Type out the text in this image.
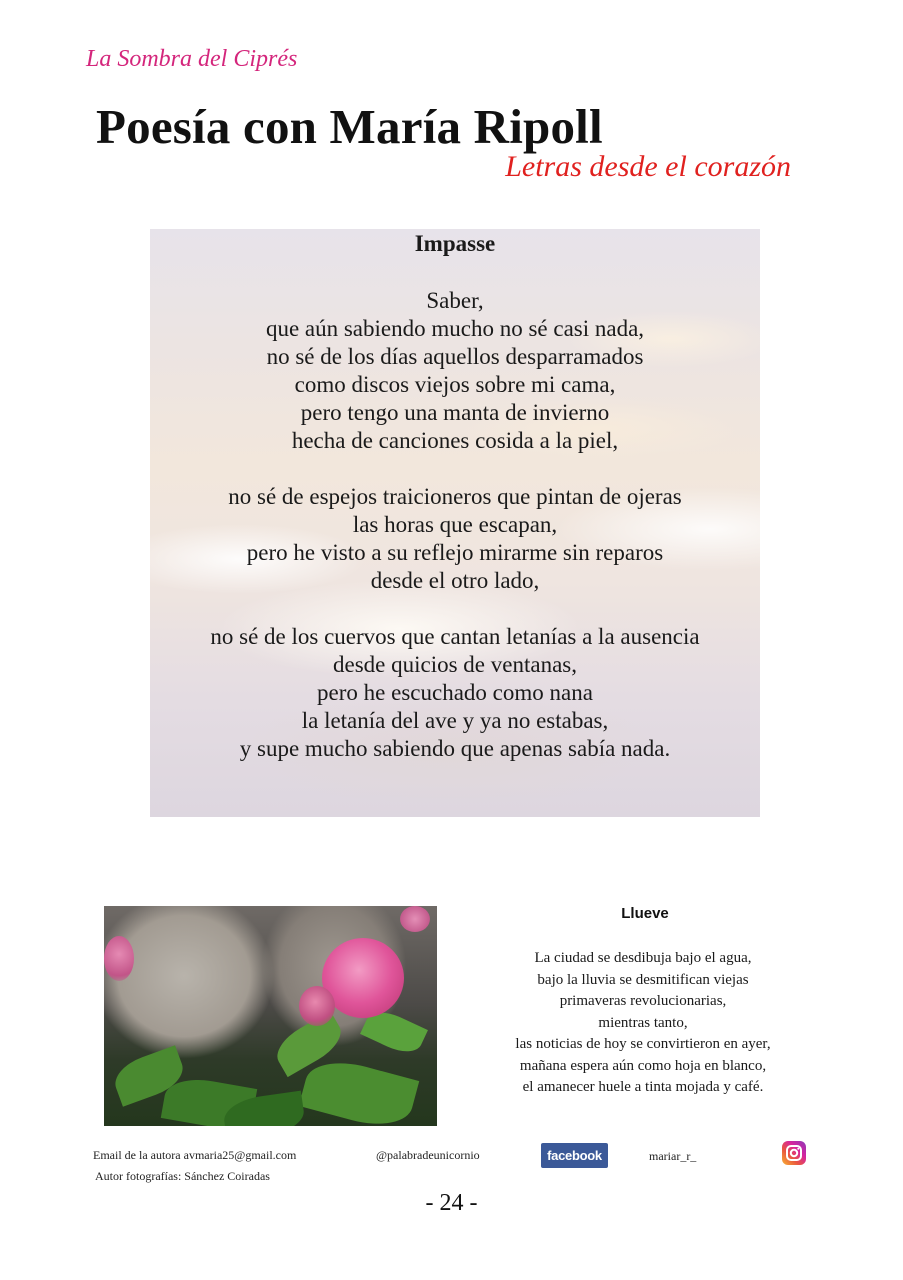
La Sombra del Ciprés
Poesía con María Ripoll
Letras desde el corazón
Impasse
Saber,
que aún sabiendo mucho no sé casi nada,
no sé de los días aquellos desparramados
como discos viejos sobre mi cama,
pero tengo una manta de invierno
hecha de canciones cosida a la piel,
no sé de espejos traicioneros que pintan de ojeras
las horas que escapan,
pero he visto a su reflejo mirarme sin reparos
desde el otro lado,
no sé de los cuervos que cantan letanías a la ausencia
desde quicios de ventanas,
pero he escuchado como nana
la letanía del ave y ya no estabas,
y supe mucho sabiendo que apenas sabía nada.
Llueve
La ciudad se desdibuja bajo el agua,
bajo la lluvia se desmitifican viejas
primaveras revolucionarias,
mientras tanto,
las noticias de hoy se convirtieron en ayer,
mañana espera aún como hoja en blanco,
el amanecer huele a tinta mojada y café.
Email de la autora avmaria25@gmail.com	@palabradeunicornio	facebook	mariar_r_
Autor fotografías: Sánchez Coiradas
- 24 -
